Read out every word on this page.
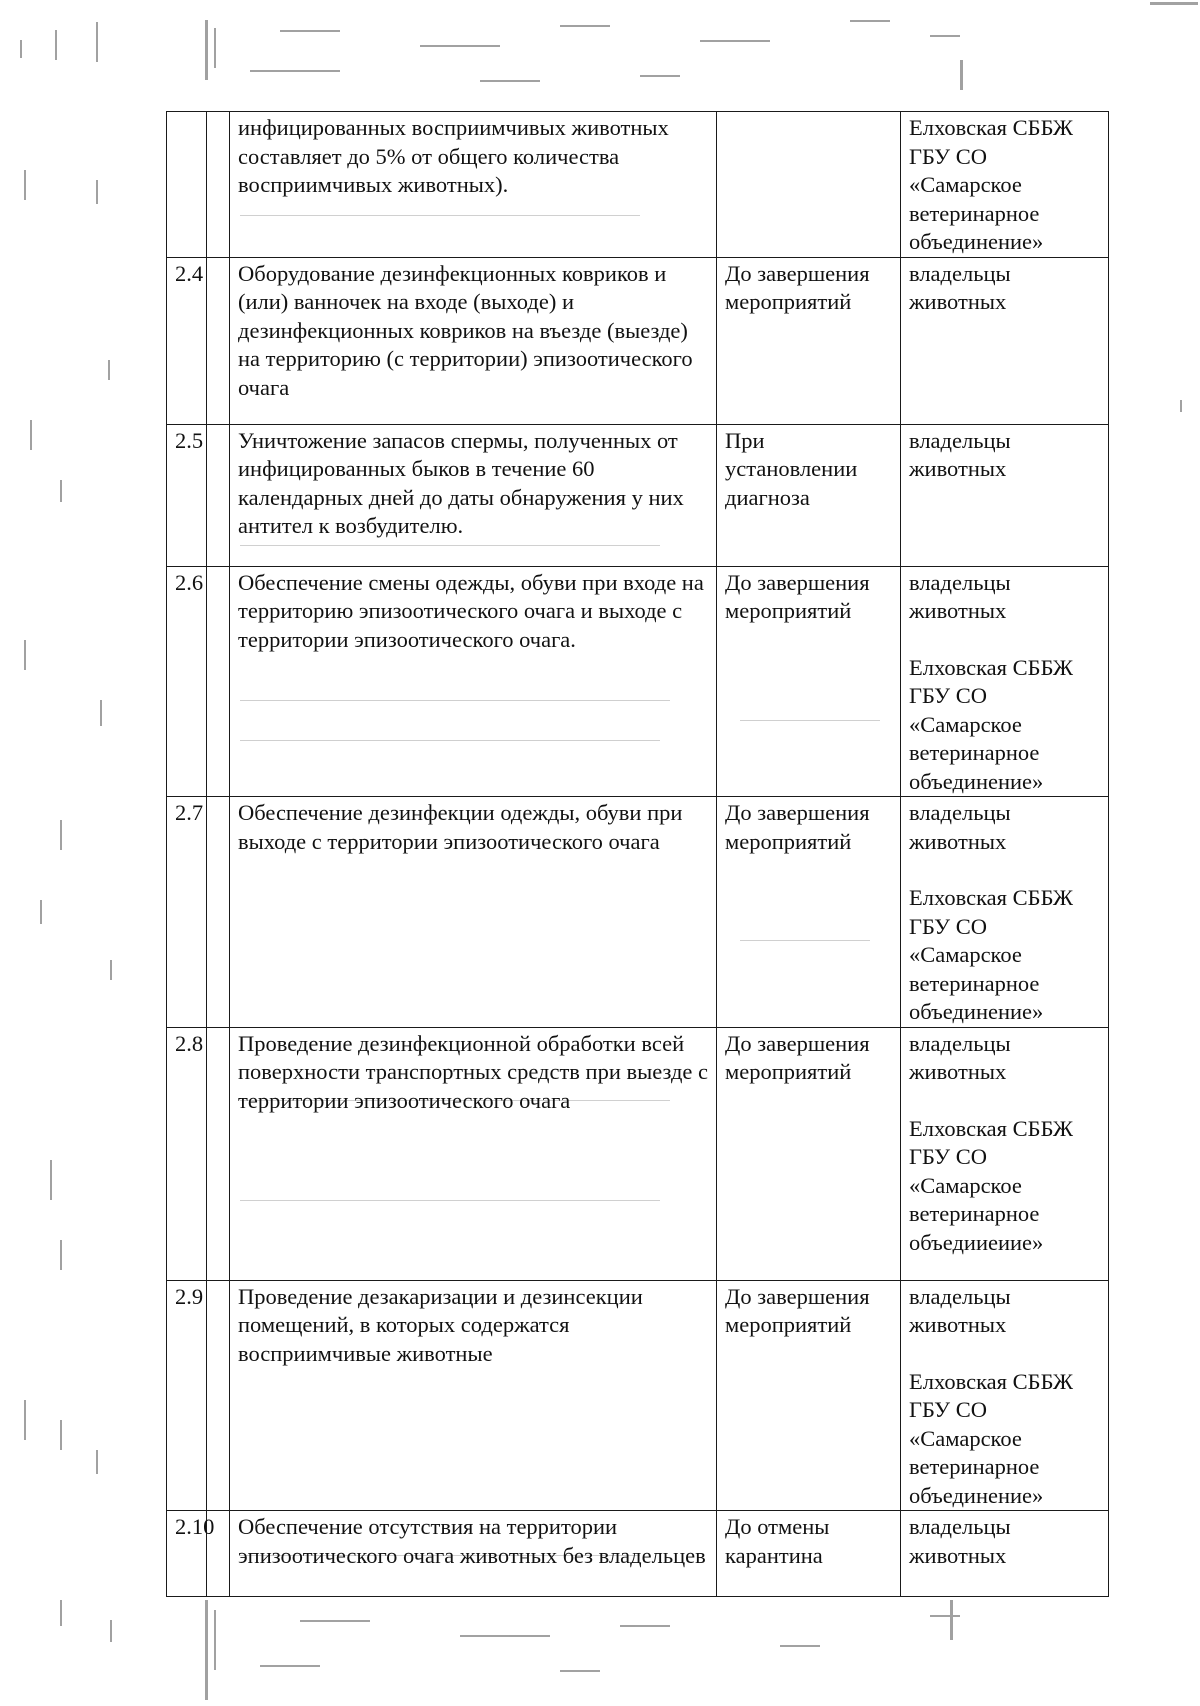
		инфицированных восприимчивых животных составляет до 5% от общего количества восприимчивых животных).		Елховская СББЖ ГБУ СО «Самарское ветеринарное объединение»

2.4		Оборудование дезинфекционных ковриков и (или) ванночек на входе (выходе) и дезинфекционных ковриков на въезде (выезде) на территорию (с территории) эпизоотического очага	До завершения мероприятий	владельцы животных

2.5		Уничтожение запасов спермы, полученных от инфицированных быков в течение 60 календарных дней до даты обнаружения у них антител к возбудителю.	При установлении диагноза	владельцы животных

2.6		Обеспечение смены одежды, обуви при входе на территорию эпизоотического очага и выходе с территории эпизоотического очага.	До завершения мероприятий	владельцы животных
Елховская СББЖ ГБУ СО «Самарское ветеринарное объединение»

2.7		Обеспечение дезинфекции одежды, обуви при выходе с территории эпизоотического очага	До завершения мероприятий	владельцы животных
Елховская СББЖ ГБУ СО «Самарское ветеринарное объединение»

2.8		Проведение дезинфекционной обработки всей поверхности транспортных средств при выезде с территории эпизоотического очага	До завершения мероприятий	владельцы животных
Елховская СББЖ ГБУ СО «Самарское ветеринарное объедииеиие»

2.9		Проведение дезакаризации и дезинсекции помещений, в которых содержатся восприимчивые животные	До завершения мероприятий	владельцы животных
Елховская СББЖ ГБУ СО «Самарское ветеринарное объединение»

2.10		Обеспечение отсутствия на территории эпизоотического очага животных без владельцев	До отмены карантина	владельцы животных
